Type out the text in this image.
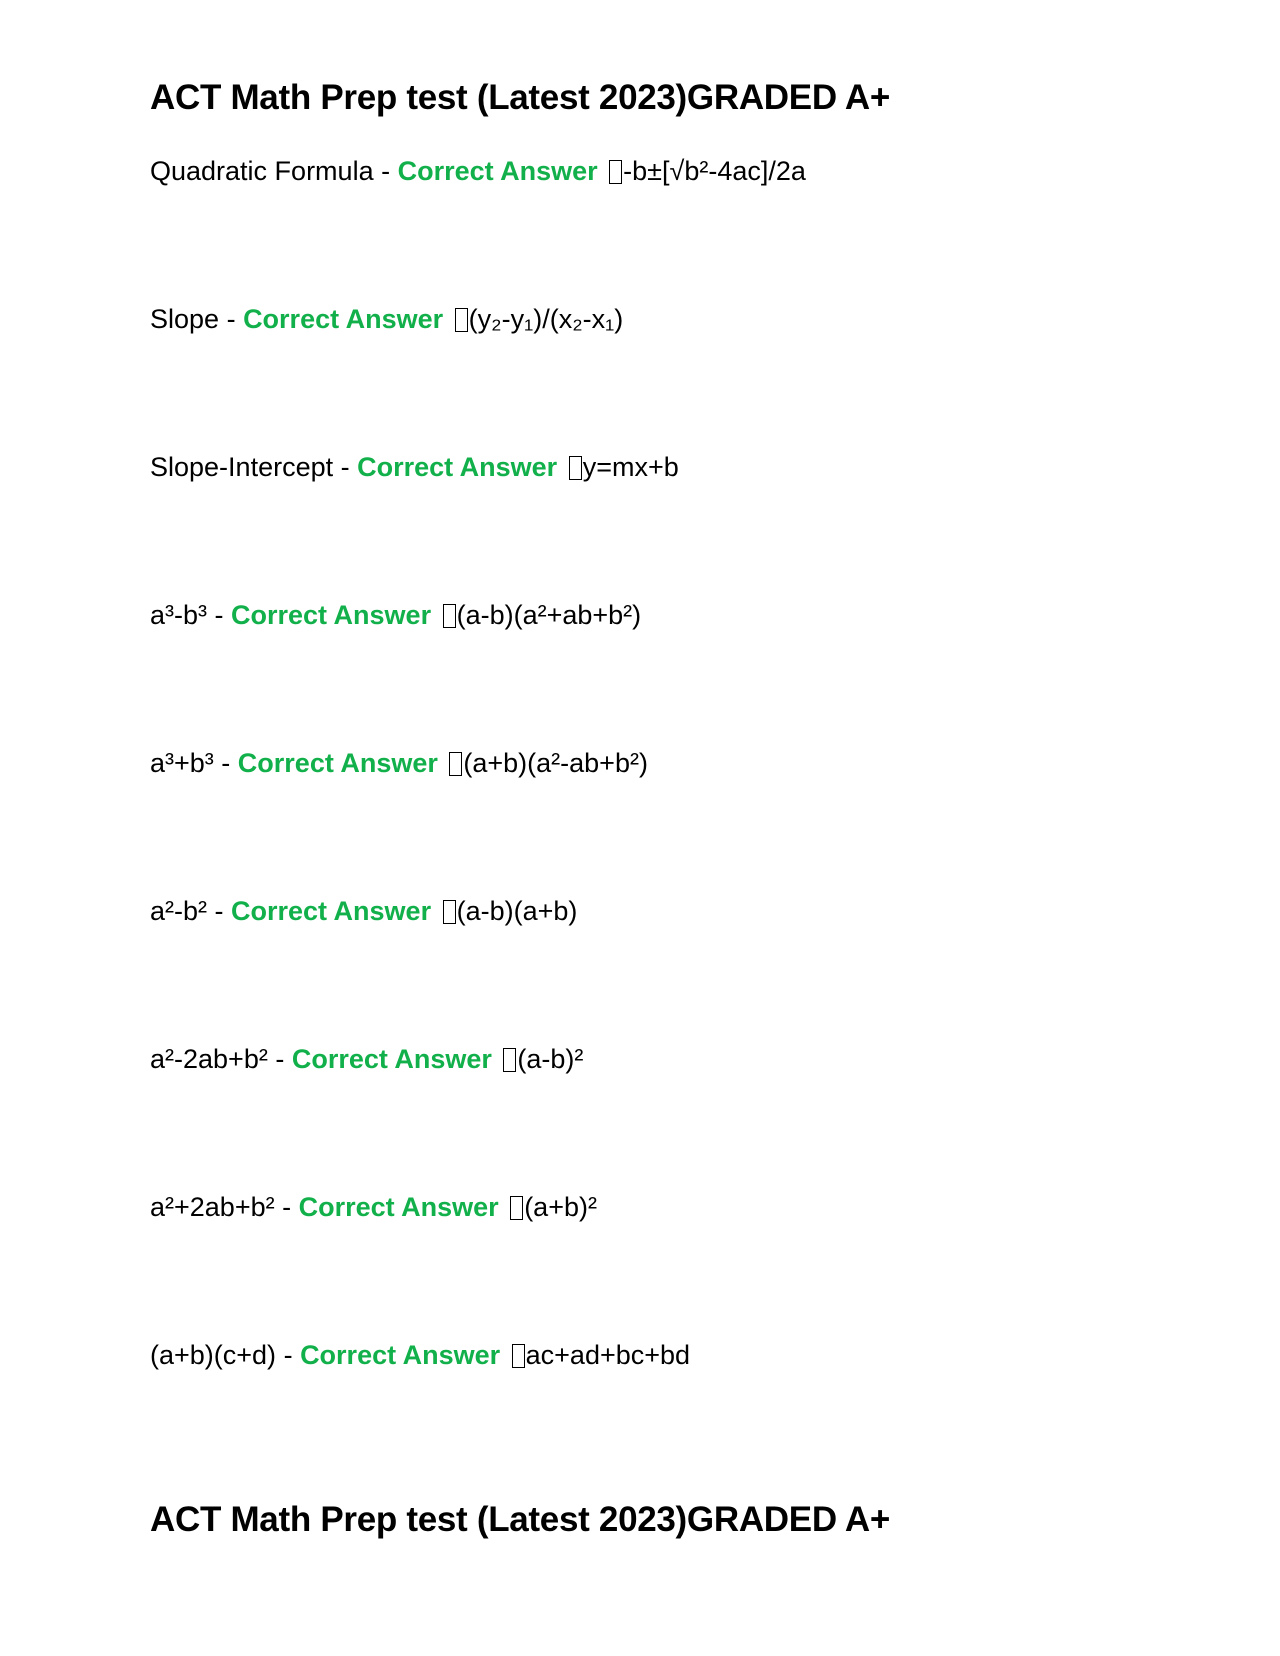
ACT Math Prep test (Latest 2023)GRADED A+
Quadratic Formula - Correct Answer -b±[√b²-4ac]/2a
Slope - Correct Answer (y₂-y₁)/(x₂-x₁)
Slope-Intercept - Correct Answer y=mx+b
a³-b³ - Correct Answer (a-b)(a²+ab+b²)
a³+b³ - Correct Answer (a+b)(a²-ab+b²)
a²-b² - Correct Answer (a-b)(a+b)
a²-2ab+b² - Correct Answer (a-b)²
a²+2ab+b² - Correct Answer (a+b)²
(a+b)(c+d) - Correct Answer ac+ad+bc+bd
ACT Math Prep test (Latest 2023)GRADED A+
